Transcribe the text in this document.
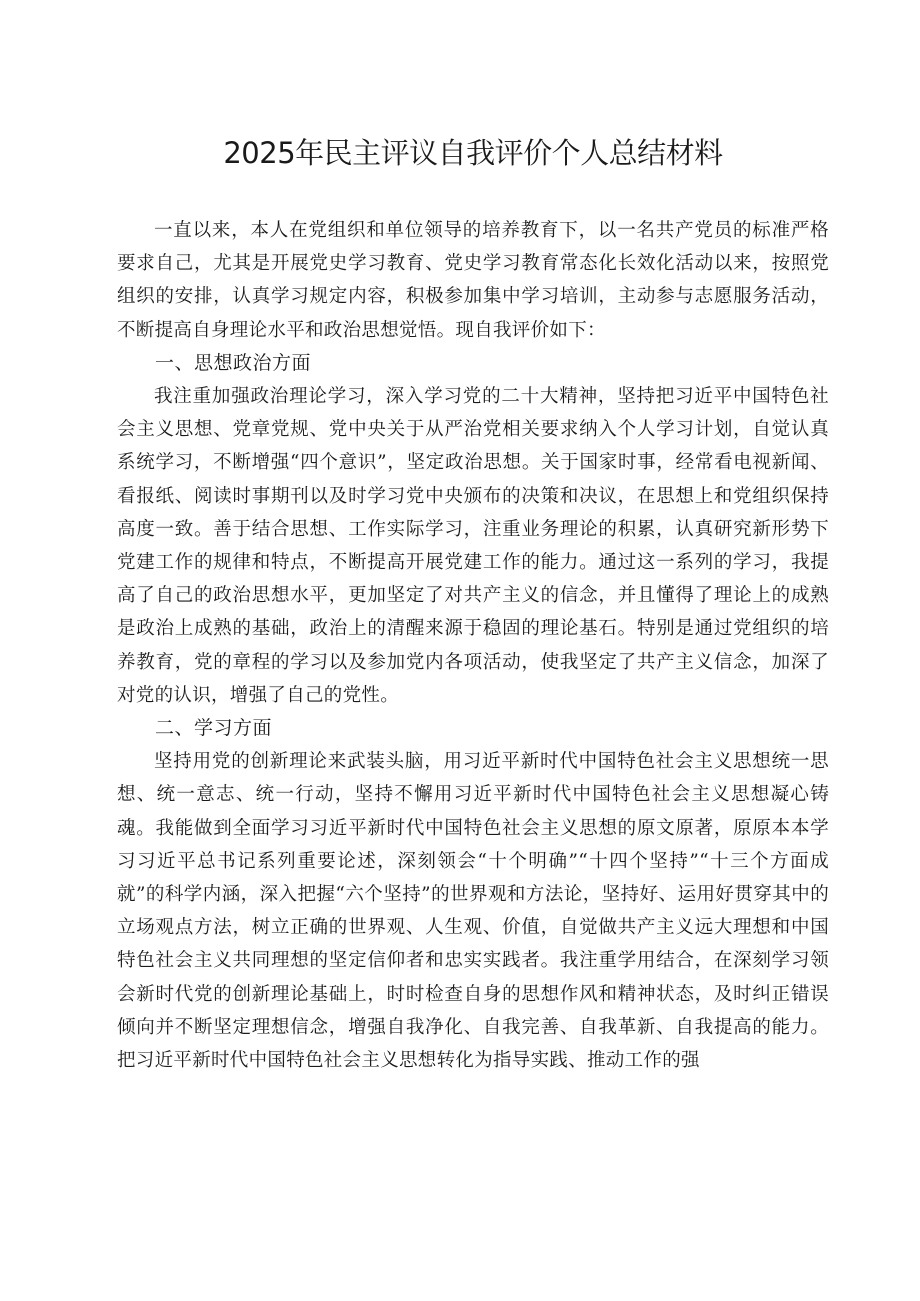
2025年民主评议自我评价个人总结材料

一直以来，本人在党组织和单位领导的培养教育下，以一名共产党员的标准严格要求自己，尤其是开展党史学习教育、党史学习教育常态化长效化活动以来，按照党组织的安排，认真学习规定内容，积极参加集中学习培训，主动参与志愿服务活动，不断提高自身理论水平和政治思想觉悟。现自我评价如下：

一、思想政治方面

我注重加强政治理论学习，深入学习党的二十大精神，坚持把习近平中国特色社会主义思想、党章党规、党中央关于从严治党相关要求纳入个人学习计划，自觉认真系统学习，不断增强“四个意识”，坚定政治思想。关于国家时事，经常看电视新闻、看报纸、阅读时事期刊以及时学习党中央颁布的决策和决议，在思想上和党组织保持高度一致。善于结合思想、工作实际学习，注重业务理论的积累，认真研究新形势下党建工作的规律和特点，不断提高开展党建工作的能力。通过这一系列的学习，我提高了自己的政治思想水平，更加坚定了对共产主义的信念，并且懂得了理论上的成熟是政治上成熟的基础，政治上的清醒来源于稳固的理论基石。特别是通过党组织的培养教育，党的章程的学习以及参加党内各项活动，使我坚定了共产主义信念，加深了对党的认识，增强了自己的党性。

二、学习方面

坚持用党的创新理论来武装头脑，用习近平新时代中国特色社会主义思想统一思想、统一意志、统一行动，坚持不懈用习近平新时代中国特色社会主义思想凝心铸魂。我能做到全面学习习近平新时代中国特色社会主义思想的原文原著，原原本本学习习近平总书记系列重要论述，深刻领会“十个明确”“十四个坚持”“十三个方面成就”的科学内涵，深入把握“六个坚持”的世界观和方法论，坚持好、运用好贯穿其中的立场观点方法，树立正确的世界观、人生观、价值，自觉做共产主义远大理想和中国特色社会主义共同理想的坚定信仰者和忠实实践者。我注重学用结合，在深刻学习领会新时代党的创新理论基础上，时时检查自身的思想作风和精神状态，及时纠正错误倾向并不断坚定理想信念，增强自我净化、自我完善、自我革新、自我提高的能力。把习近平新时代中国特色社会主义思想转化为指导实践、推动工作的强
